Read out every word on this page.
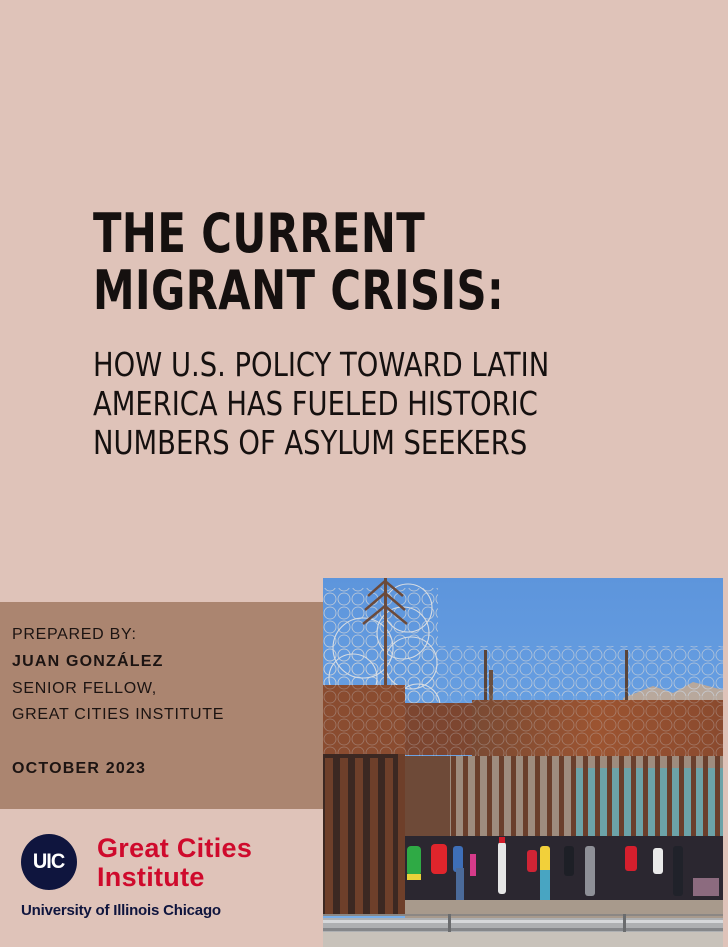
THE CURRENT
MIGRANT CRISIS:
HOW U.S. POLICY TOWARD LATIN
AMERICA HAS FUELED HISTORIC
NUMBERS OF ASYLUM SEEKERS
PREPARED BY:
JUAN GONZÁLEZ
SENIOR FELLOW,
GREAT CITIES INSTITUTE
OCTOBER 2023
UIC Great Cities
Institute
University of Illinois Chicago
